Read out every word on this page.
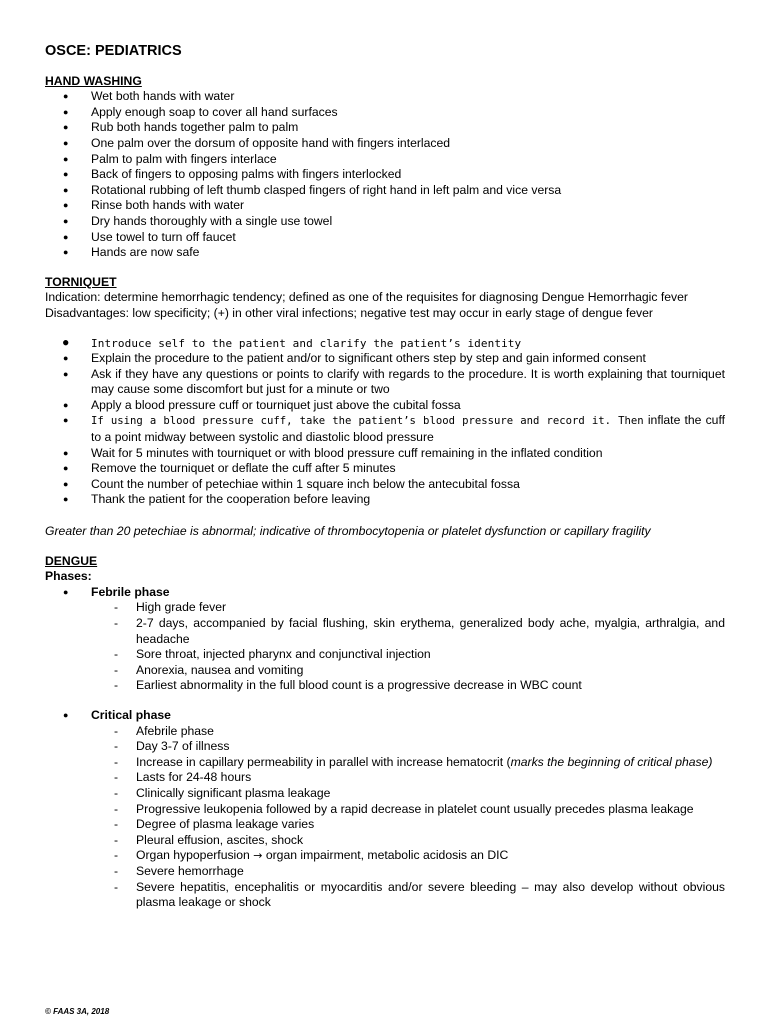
OSCE: PEDIATRICS
HAND WASHING
● Wet both hands with water
● Apply enough soap to cover all hand surfaces
● Rub both hands together palm to palm
● One palm over the dorsum of opposite hand with fingers interlaced
● Palm to palm with fingers interlace
● Back of fingers to opposing palms with fingers interlocked
● Rotational rubbing of left thumb clasped fingers of right hand in left palm and vice versa
● Rinse both hands with water
● Dry hands thoroughly with a single use towel
● Use towel to turn off faucet
● Hands are now safe
TORNIQUET

Indication: determine hemorrhagic tendency; defined as one of the requisites for diagnosing Dengue Hemorrhagic fever

Disadvantages: low specificity; (+) in other viral infections; negative test may occur in early stage of dengue fever

● Introduce self to the patient and clarify the patient’s identity
● Explain the procedure to the patient and/or to significant others step by step and gain informed consent
● Ask if they have any questions or points to clarify with regards to the procedure. It is worth explaining that tourniquet may cause some discomfort but just for a minute or two
● Apply a blood pressure cuff or tourniquet just above the cubital fossa
● If using a blood pressure cuff, take the patient’s blood pressure and record it. Then inflate the cuff to a point midway between systolic and diastolic blood pressure
● Wait for 5 minutes with tourniquet or with blood pressure cuff remaining in the inflated condition
● Remove the tourniquet or deflate the cuff after 5 minutes
● Count the number of petechiae within 1 square inch below the antecubital fossa
● Thank the patient for the cooperation before leaving

Greater than 20 petechiae is abnormal; indicative of thrombocytopenia or platelet dysfunction or capillary fragility

DENGUE
Phases:
● Febrile phase
- High grade fever
- 2-7 days, accompanied by facial flushing, skin erythema, generalized body ache, myalgia, arthralgia, and headache
- Sore throat, injected pharynx and conjunctival injection
- Anorexia, nausea and vomiting
- Earliest abnormality in the full blood count is a progressive decrease in WBC count
● Critical phase
- Afebrile phase
- Day 3-7 of illness
- Increase in capillary permeability in parallel with increase hematocrit (marks the beginning of critical phase)
- Lasts for 24-48 hours
- Clinically significant plasma leakage
- Progressive leukopenia followed by a rapid decrease in platelet count usually precedes plasma leakage
- Degree of plasma leakage varies
- Pleural effusion, ascites, shock
- Organ hypoperfusion → organ impairment, metabolic acidosis an DIC
- Severe hemorrhage
- Severe hepatitis, encephalitis or myocarditis and/or severe bleeding – may also develop without obvious plasma leakage or shock
© FAAS 3A, 2018
